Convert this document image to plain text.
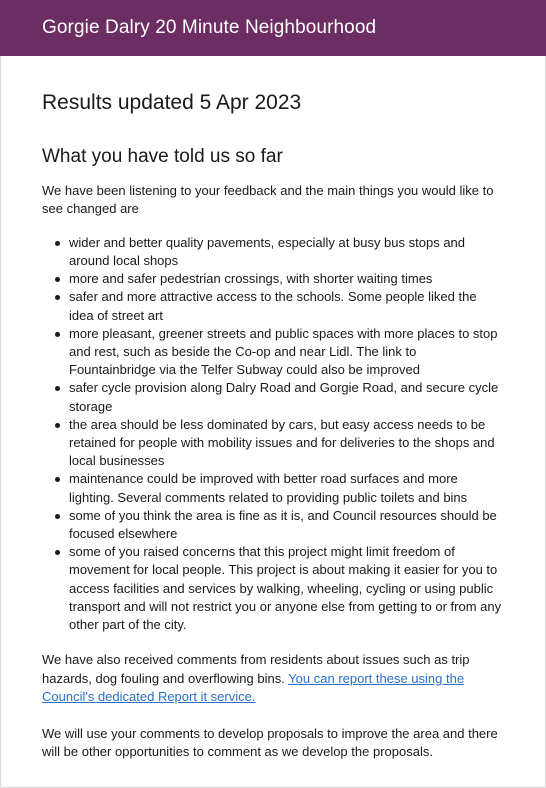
Gorgie Dalry 20 Minute Neighbourhood
Results updated 5 Apr 2023
What you have told us so far

We have been listening to your feedback and the main things you would like to see changed are

wider and better quality pavements, especially at busy bus stops and around local shops
more and safer pedestrian crossings, with shorter waiting times
safer and more attractive access to the schools. Some people liked the idea of street art
more pleasant, greener streets and public spaces with more places to stop and rest, such as beside the Co-op and near Lidl. The link to Fountainbridge via the Telfer Subway could also be improved
safer cycle provision along Dalry Road and Gorgie Road, and secure cycle storage
the area should be less dominated by cars, but easy access needs to be retained for people with mobility issues and for deliveries to the shops and local businesses
maintenance could be improved with better road surfaces and more lighting. Several comments related to providing public toilets and bins
some of you think the area is fine as it is, and Council resources should be focused elsewhere
some of you raised concerns that this project might limit freedom of movement for local people. This project is about making it easier for you to access facilities and services by walking, wheeling, cycling or using public transport and will not restrict you or anyone else from getting to or from any other part of the city.

We have also received comments from residents about issues such as trip hazards, dog fouling and overflowing bins. You can report these using the Council's dedicated Report it service.

We will use your comments to develop proposals to improve the area and there will be other opportunities to comment as we develop the proposals.
